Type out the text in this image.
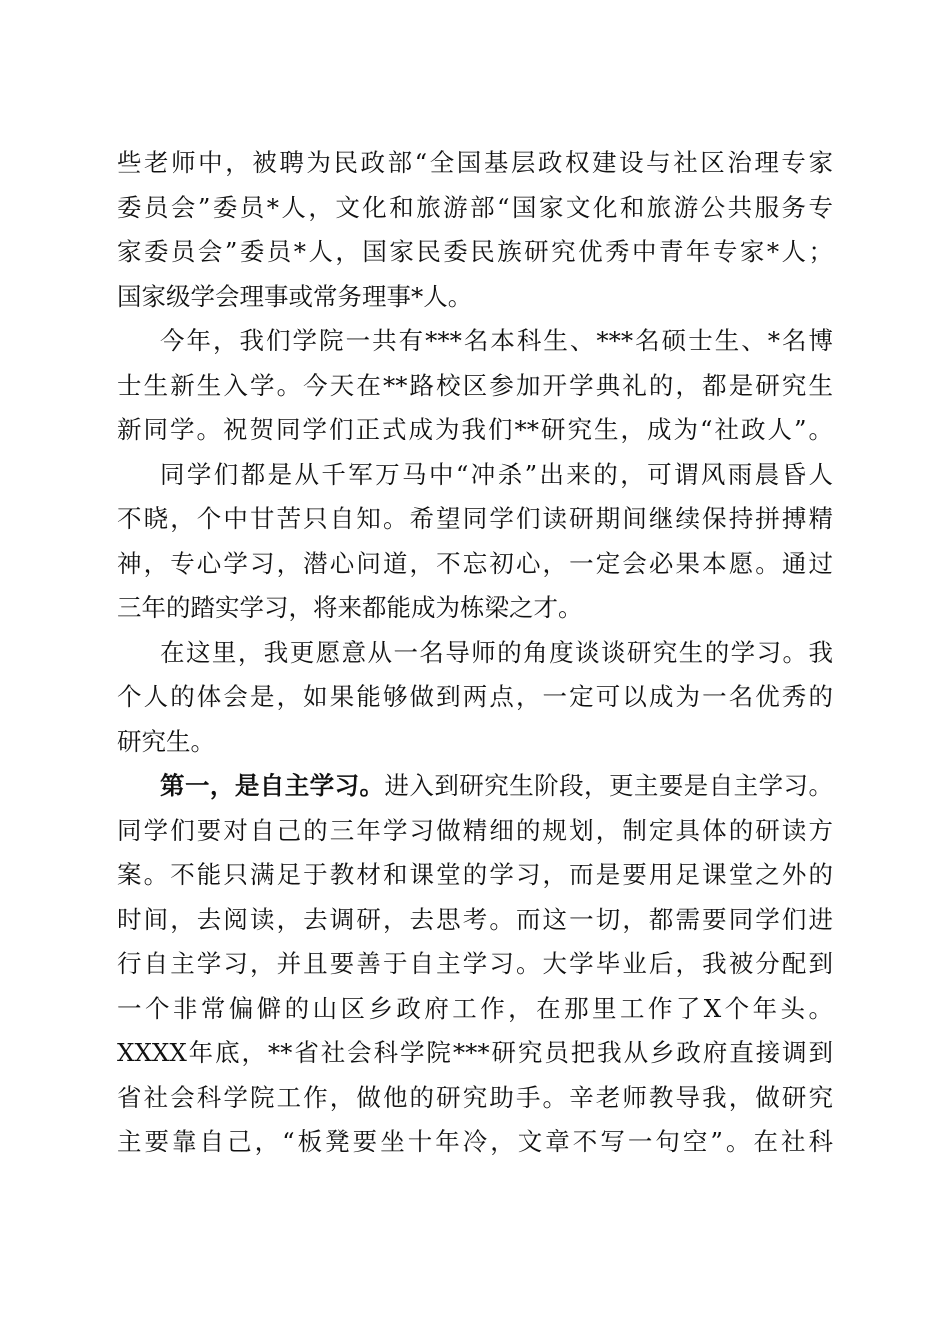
些老师中，被聘为民政部“全国基层政权建设与社区治理专家
委员会”委员*人，文化和旅游部“国家文化和旅游公共服务专
家委员会”委员*人，国家民委民族研究优秀中青年专家*人；
国家级学会理事或常务理事*人。
今年，我们学院一共有***名本科生、***名硕士生、*名博
士生新生入学。今天在**路校区参加开学典礼的，都是研究生
新同学。祝贺同学们正式成为我们**研究生，成为“社政人”。
同学们都是从千军万马中“冲杀”出来的，可谓风雨晨昏人
不晓，个中甘苦只自知。希望同学们读研期间继续保持拼搏精
神，专心学习，潜心问道，不忘初心，一定会必果本愿。通过
三年的踏实学习，将来都能成为栋梁之才。
在这里，我更愿意从一名导师的角度谈谈研究生的学习。我
个人的体会是，如果能够做到两点，一定可以成为一名优秀的
研究生。
第一，是自主学习。进入到研究生阶段，更主要是自主学习。
同学们要对自己的三年学习做精细的规划，制定具体的研读方
案。不能只满足于教材和课堂的学习，而是要用足课堂之外的
时间，去阅读，去调研，去思考。而这一切，都需要同学们进
行自主学习，并且要善于自主学习。大学毕业后，我被分配到
一个非常偏僻的山区乡政府工作，在那里工作了X个年头。
XXXX年底，**省社会科学院***研究员把我从乡政府直接调到
省社会科学院工作，做他的研究助手。辛老师教导我，做研究
主要靠自己，“板凳要坐十年冷，文章不写一句空”。在社科
